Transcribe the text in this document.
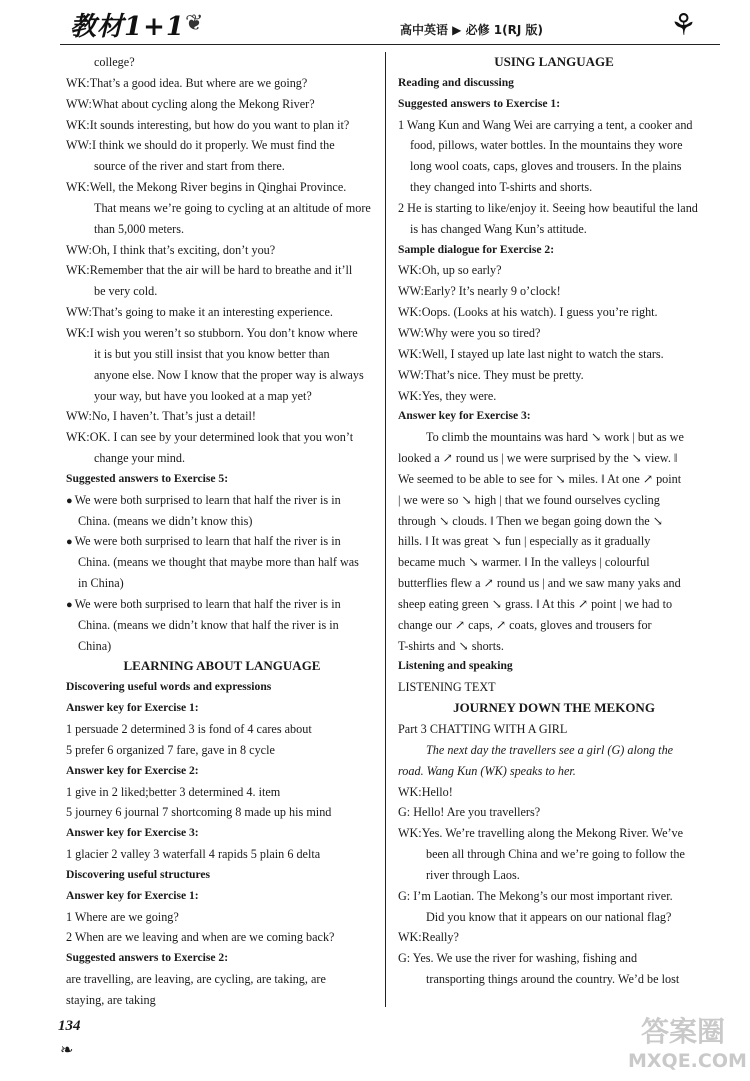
教材1+1 ❦	高中英语 ▶ 必修 1(RJ 版)	⚘
college?
WK:That’s a good idea. But where are we going?
WW:What about cycling along the Mekong River?
WK:It sounds interesting, but how do you want to plan it?
WW:I think we should do it properly. We must find the
source of the river and start from there.
WK:Well, the Mekong River begins in Qinghai Province.
That means we’re going to cycling at an altitude of more
than 5,000 meters.
WW:Oh, I think that’s exciting, don’t you?
WK:Remember that the air will be hard to breathe and it’ll
be very cold.
WW:That’s going to make it an interesting experience.
WK:I wish you weren’t so stubborn. You don’t know where
it is but you still insist that you know better than
anyone else. Now I know that the proper way is always
your way, but have you looked at a map yet?
WW:No, I haven’t. That’s just a detail!
WK:OK. I can see by your determined look that you won’t
change your mind.
Suggested answers to Exercise 5:
● We were both surprised to learn that half the river is in
China. (means we didn’t know this)
● We were both surprised to learn that half the river is in
China. (means we thought that maybe more than half was
in China)
● We were both surprised to learn that half the river is in
China. (means we didn’t know that half the river is in
China)
LEARNING ABOUT LANGUAGE
Discovering useful words and expressions
Answer key for Exercise 1:
1 persuade 2 determined 3 is fond of 4 cares about
5 prefer 6 organized 7 fare, gave in 8 cycle
Answer key for Exercise 2:
1 give in 2 liked;better 3 determined 4. item
5 journey 6 journal 7 shortcoming 8 made up his mind
Answer key for Exercise 3:
1 glacier 2 valley 3 waterfall 4 rapids 5 plain 6 delta
Discovering useful structures
Answer key for Exercise 1:
1 Where are we going?
2 When are we leaving and when are we coming back?
Suggested answers to Exercise 2:
are travelling, are leaving, are cycling, are taking, are
staying, are taking
USING LANGUAGE
Reading and discussing
Suggested answers to Exercise 1:
1 Wang Kun and Wang Wei are carrying a tent, a cooker and
food, pillows, water bottles. In the mountains they wore
long wool coats, caps, gloves and trousers. In the plains
they changed into T-shirts and shorts.
2 He is starting to like/enjoy it. Seeing how beautiful the land
is has changed Wang Kun’s attitude.
Sample dialogue for Exercise 2:
WK:Oh, up so early?
WW:Early? It’s nearly 9 o’clock!
WK:Oops. (Looks at his watch). I guess you’re right.
WW:Why were you so tired?
WK:Well, I stayed up late last night to watch the stars.
WW:That’s nice. They must be pretty.
WK:Yes, they were.
Answer key for Exercise 3:
To climb the mountains was hard ↘ work | but as we
looked a ↗ round us | we were surprised by the ↘ view. ‖
We seemed to be able to see for ↘ miles. ‖ At one ↗ point
| we were so ↘ high | that we found ourselves cycling
through ↘ clouds. ‖ Then we began going down the ↘
hills. ‖ It was great ↘ fun | especially as it gradually
became much ↘ warmer. ‖ In the valleys | colourful
butterflies flew a ↗ round us | and we saw many yaks and
sheep eating green ↘ grass. ‖ At this ↗ point | we had to
change our ↗ caps, ↗ coats, gloves and trousers for
T-shirts and ↘ shorts.
Listening and speaking
LISTENING TEXT
JOURNEY DOWN THE MEKONG
Part 3 CHATTING WITH A GIRL
The next day the travellers see a girl (G) along the
road. Wang Kun (WK) speaks to her.
WK:Hello!
G: Hello! Are you travellers?
WK:Yes. We’re travelling along the Mekong River. We’ve
been all through China and we’re going to follow the
river through Laos.
G: I’m Laotian. The Mekong’s our most important river.
Did you know that it appears on our national flag?
WK:Really?
G: Yes. We use the river for washing, fishing and
transporting things around the country. We’d be lost
134
❧
答案圈
MXQE.COM
